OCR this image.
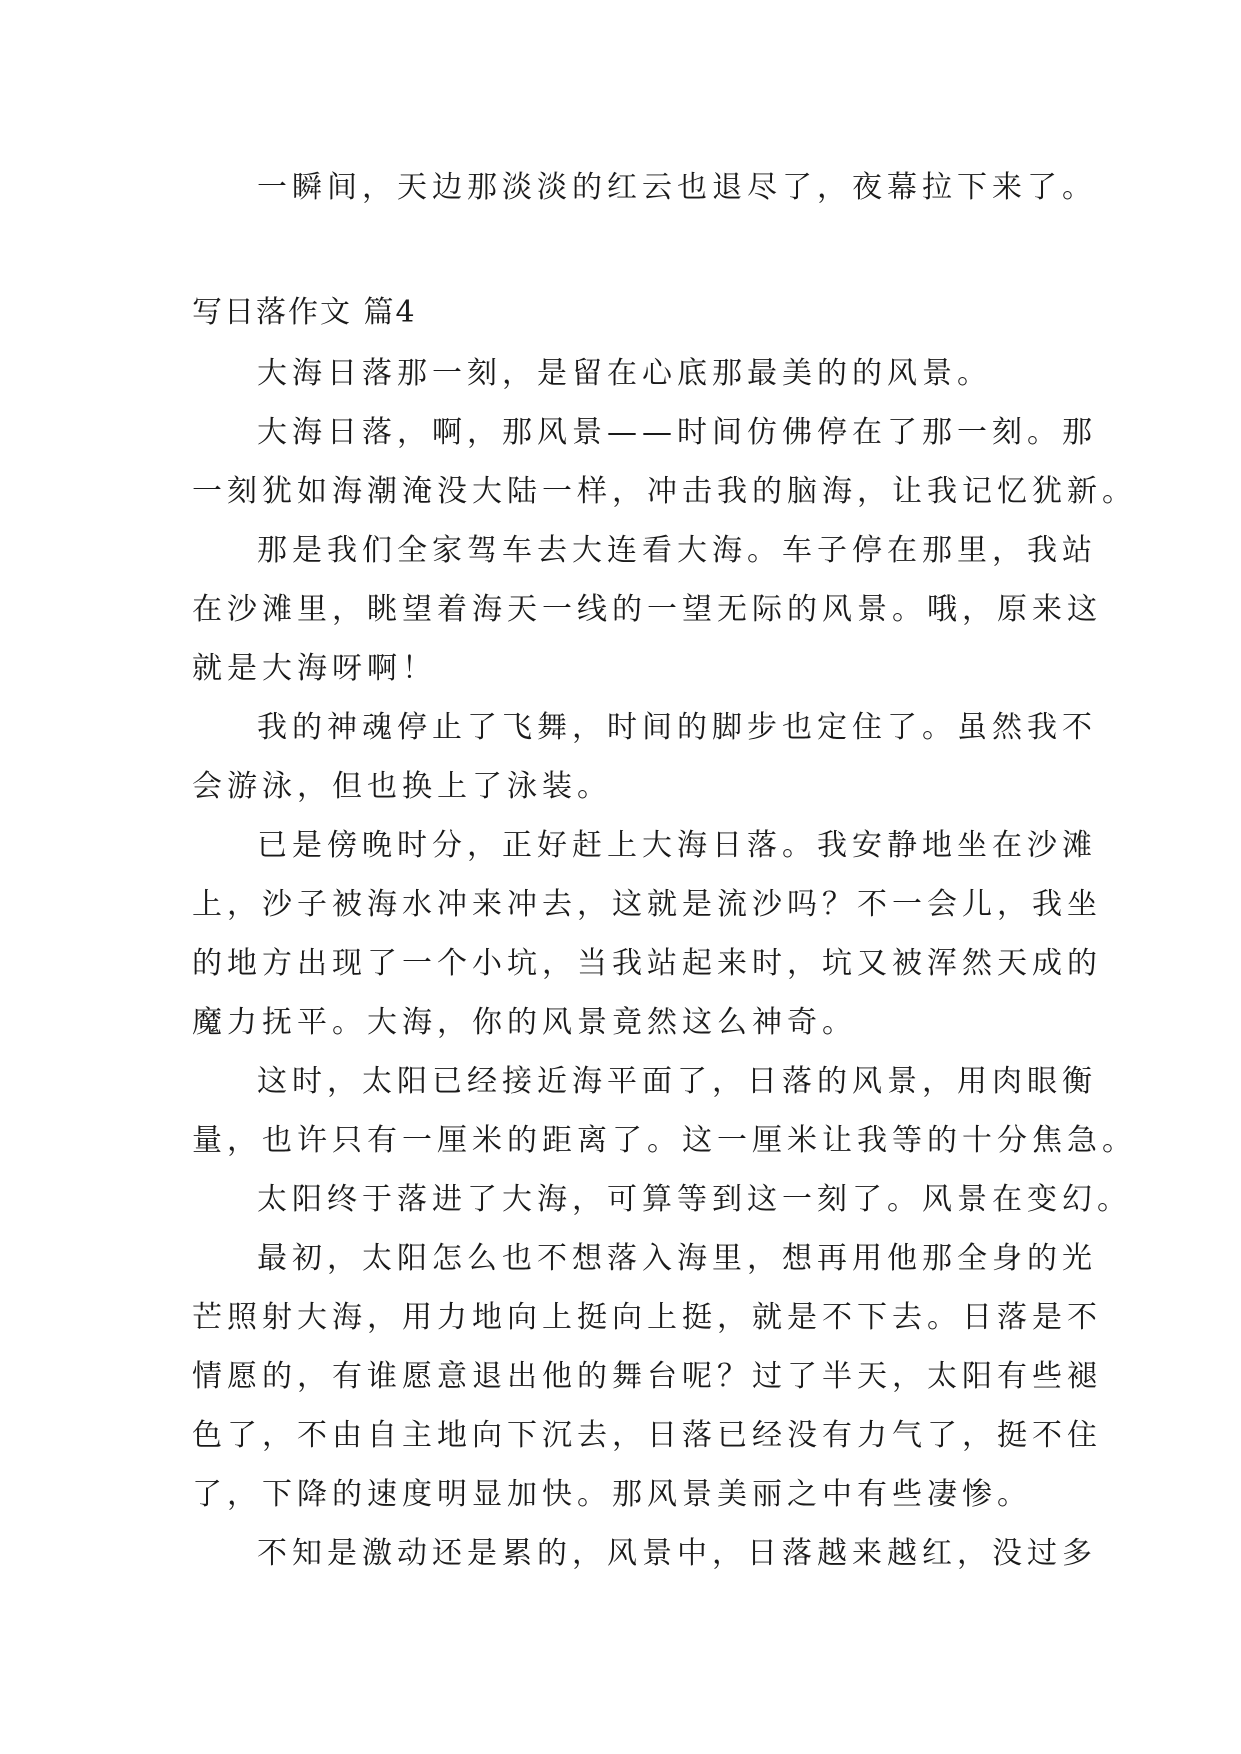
一瞬间，天边那淡淡的红云也退尽了，夜幕拉下来了。
写日落作文 篇4
大海日落那一刻，是留在心底那最美的的风景。
大海日落，啊，那风景——时间仿佛停在了那一刻。那
一刻犹如海潮淹没大陆一样，冲击我的脑海，让我记忆犹新。
那是我们全家驾车去大连看大海。车子停在那里，我站
在沙滩里，眺望着海天一线的一望无际的风景。哦，原来这
就是大海呀啊！
我的神魂停止了飞舞，时间的脚步也定住了。虽然我不
会游泳，但也换上了泳装。
已是傍晚时分，正好赶上大海日落。我安静地坐在沙滩
上，沙子被海水冲来冲去，这就是流沙吗？不一会儿，我坐
的地方出现了一个小坑，当我站起来时，坑又被浑然天成的
魔力抚平。大海，你的风景竟然这么神奇。
这时，太阳已经接近海平面了，日落的风景，用肉眼衡
量，也许只有一厘米的距离了。这一厘米让我等的十分焦急。
太阳终于落进了大海，可算等到这一刻了。风景在变幻。
最初，太阳怎么也不想落入海里，想再用他那全身的光
芒照射大海，用力地向上挺向上挺，就是不下去。日落是不
情愿的，有谁愿意退出他的舞台呢？过了半天，太阳有些褪
色了，不由自主地向下沉去，日落已经没有力气了，挺不住
了，下降的速度明显加快。那风景美丽之中有些凄惨。
不知是激动还是累的，风景中，日落越来越红，没过多
